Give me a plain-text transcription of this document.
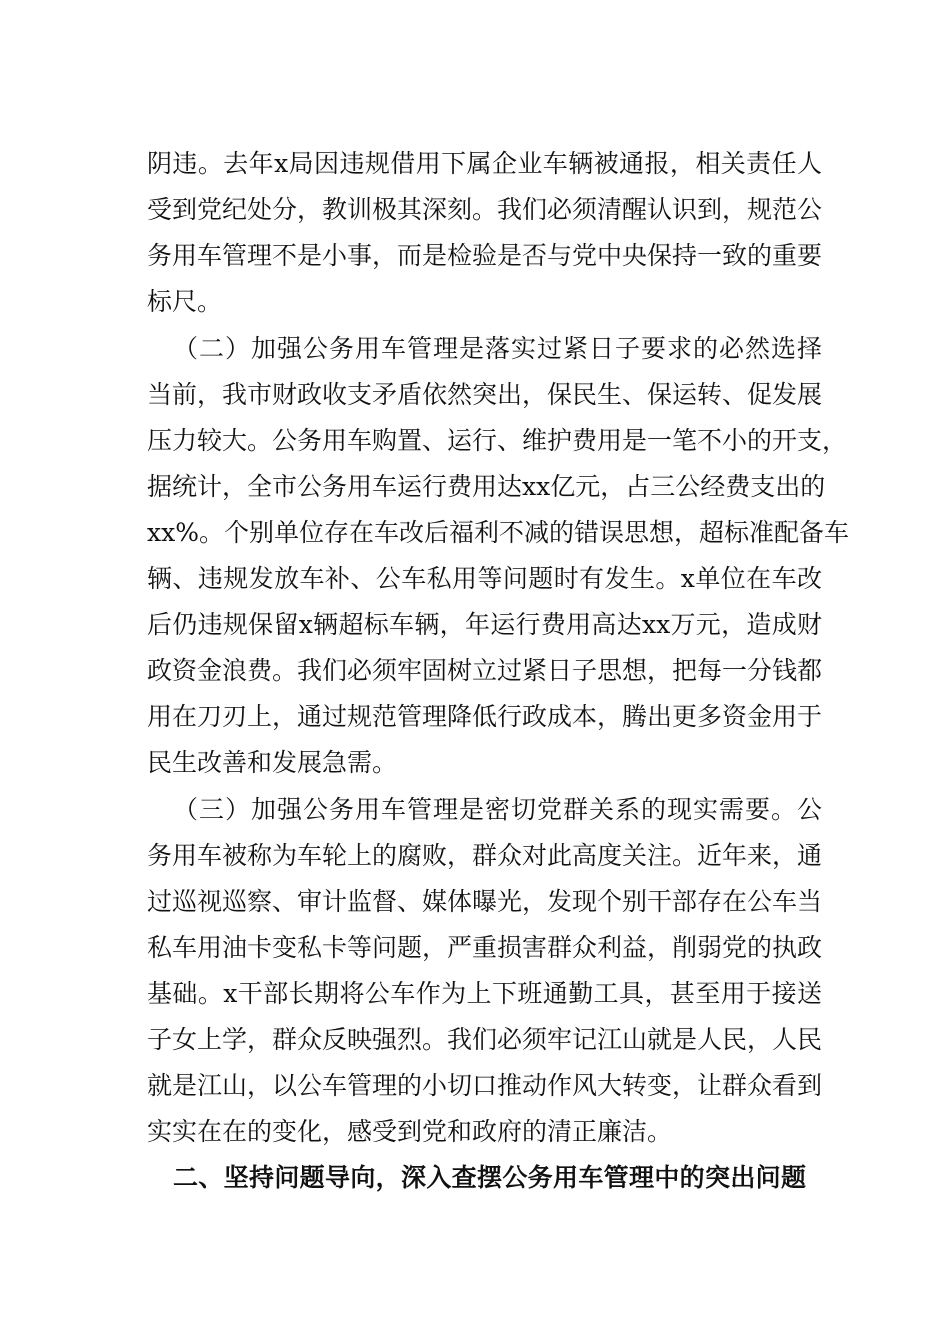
阴违。去年x局因违规借用下属企业车辆被通报，相关责任人
受到党纪处分，教训极其深刻。我们必须清醒认识到，规范公
务用车管理不是小事，而是检验是否与党中央保持一致的重要
标尺。
（二）加强公务用车管理是落实过紧日子要求的必然选择
当前，我市财政收支矛盾依然突出，保民生、保运转、促发展
压力较大。公务用车购置、运行、维护费用是一笔不小的开支，
据统计，全市公务用车运行费用达xx亿元，占三公经费支出的
xx%。个别单位存在车改后福利不减的错误思想，超标准配备车
辆、违规发放车补、公车私用等问题时有发生。x单位在车改
后仍违规保留x辆超标车辆，年运行费用高达xx万元，造成财
政资金浪费。我们必须牢固树立过紧日子思想，把每一分钱都
用在刀刃上，通过规范管理降低行政成本，腾出更多资金用于
民生改善和发展急需。
（三）加强公务用车管理是密切党群关系的现实需要。公
务用车被称为车轮上的腐败，群众对此高度关注。近年来，通
过巡视巡察、审计监督、媒体曝光，发现个别干部存在公车当
私车用油卡变私卡等问题，严重损害群众利益，削弱党的执政
基础。x干部长期将公车作为上下班通勤工具，甚至用于接送
子女上学，群众反映强烈。我们必须牢记江山就是人民，人民
就是江山，以公车管理的小切口推动作风大转变，让群众看到
实实在在的变化，感受到党和政府的清正廉洁。
二、坚持问题导向，深入查摆公务用车管理中的突出问题
